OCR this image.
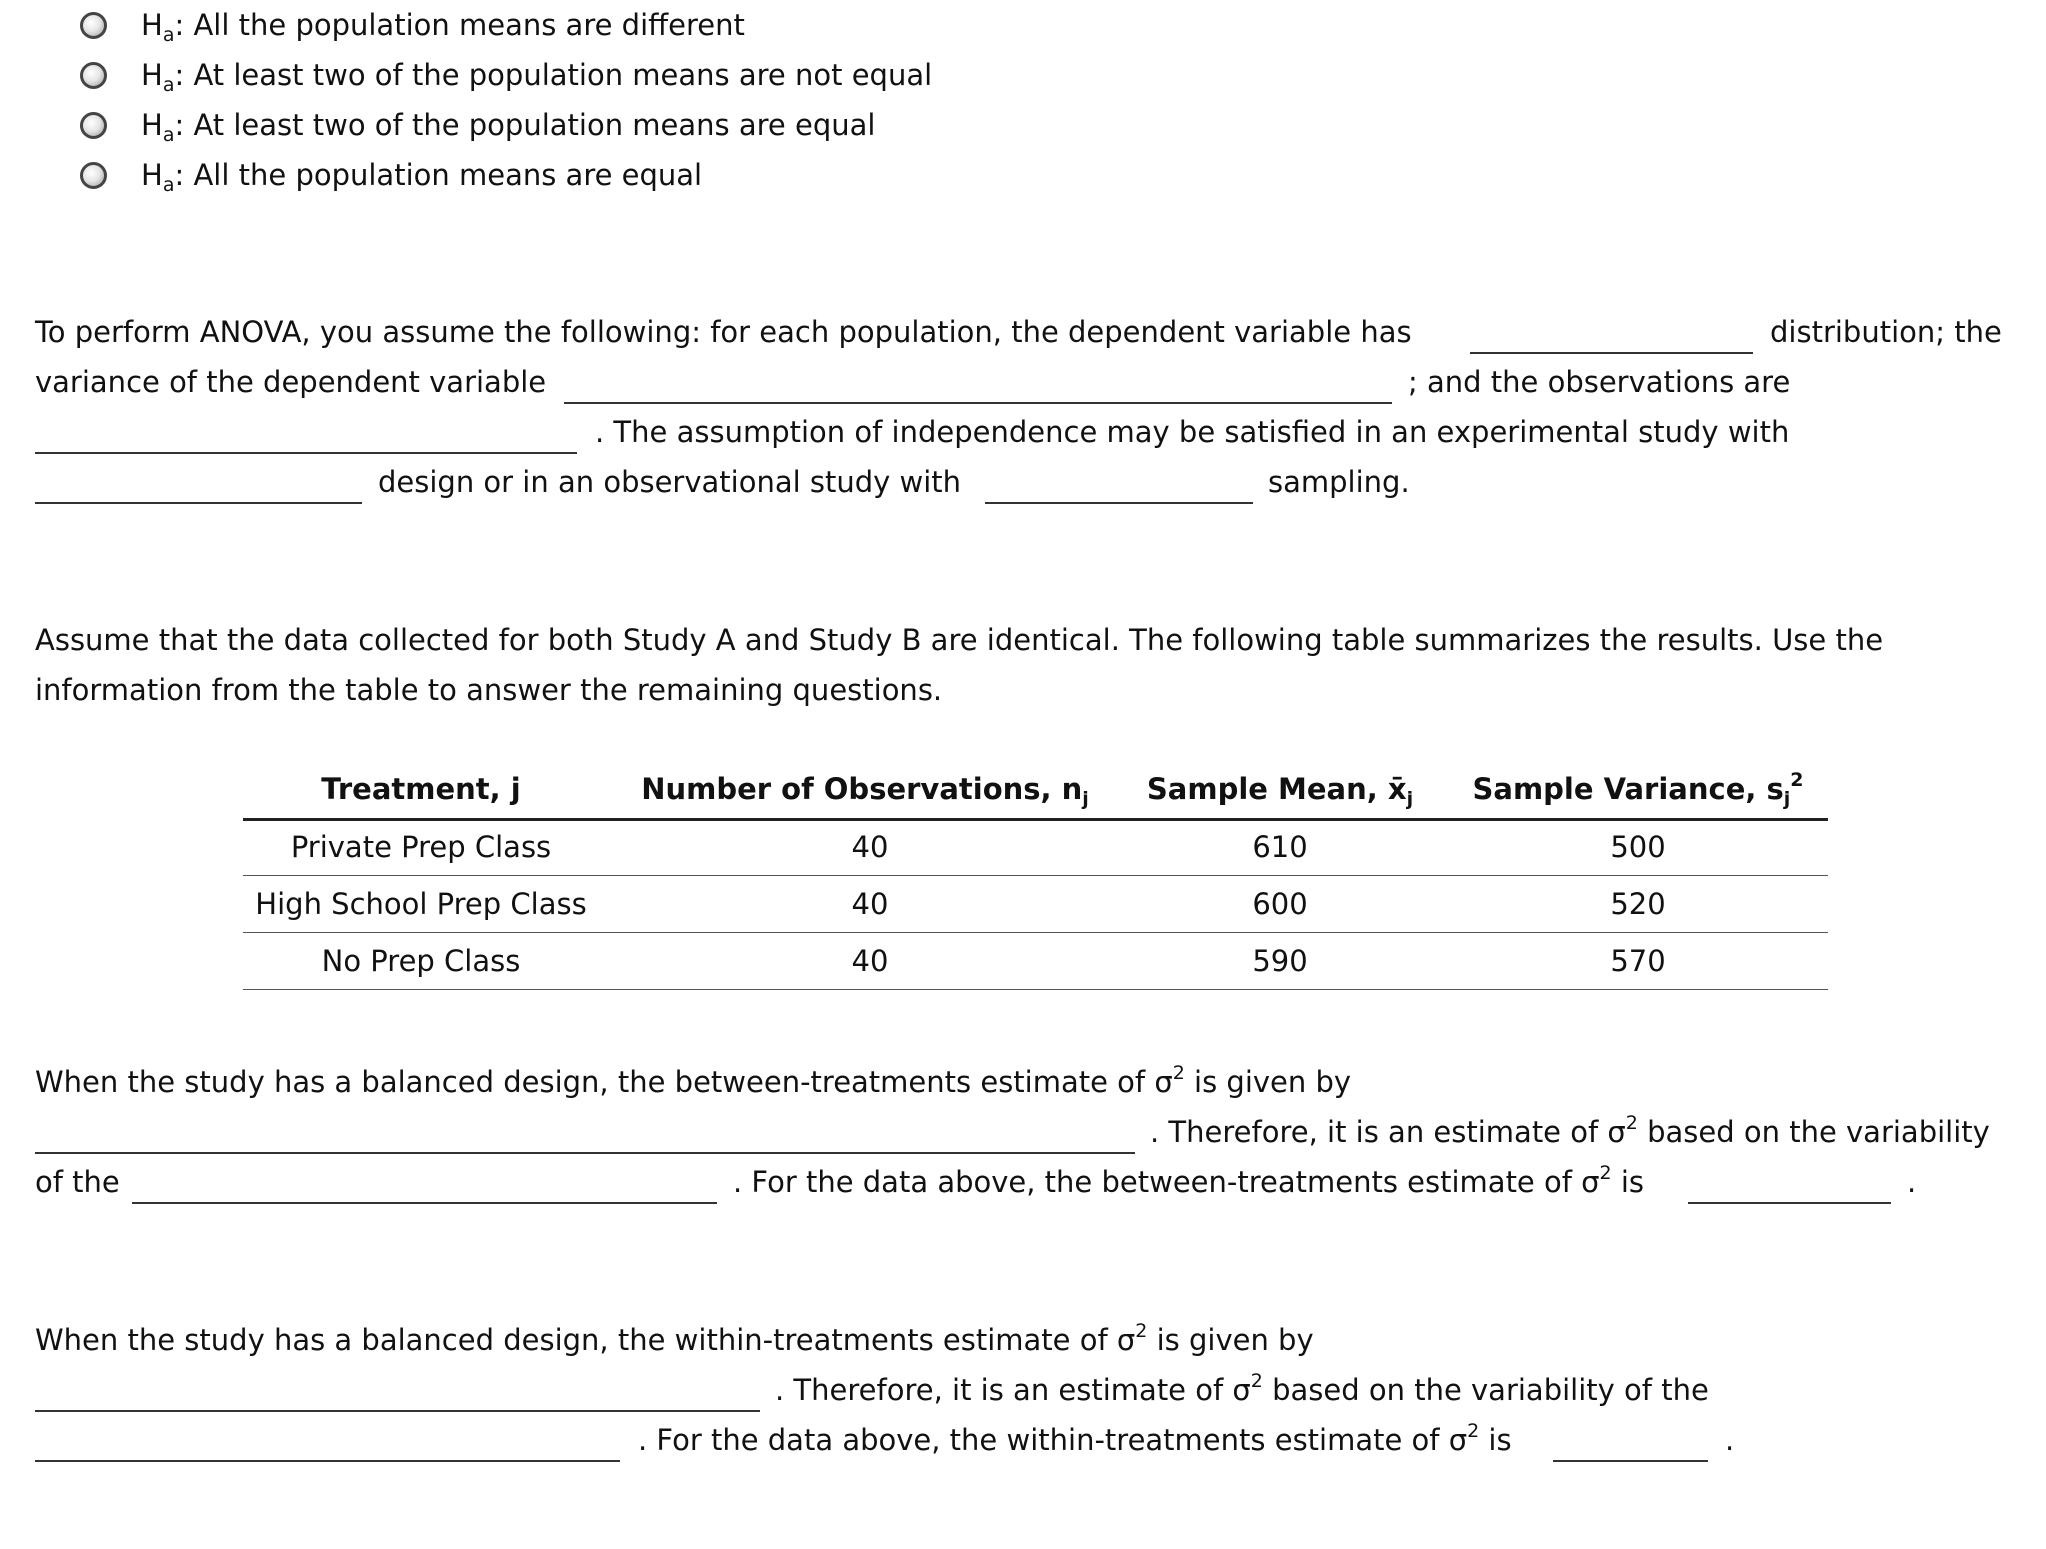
$H_a$: All the population means are different
$H_a$: At least two of the population means are not equal
$H_a$: At least two of the population means are equal
$H_a$: All the population means are equal
To perform ANOVA, you assume the following: for each population, the dependent variable has	distribution; the
variance of the dependent variable	; and the observations are
. The assumption of independence may be satisfied in an experimental study with
design or in an observational study with	sampling.
Assume that the data collected for both Study A and Study B are identical. The following table summarizes the results. Use the
information from the table to answer the remaining questions.
Treatment, j	Number of Observations, $n_j$	Sample Mean, $x̄_j$	Sample Variance, $s_j^2$
Private Prep Class	40	610	500
High School Prep Class	40	600	520
No Prep Class	40	590	570
When the study has a balanced design, the between-treatments estimate of $\sigma^2$ is given by
. Therefore, it is an estimate of $\sigma^2$ based on the variability
of the	. For the data above, the between-treatments estimate of $\sigma^2$ is	.
When the study has a balanced design, the within-treatments estimate of $\sigma^2$ is given by
. Therefore, it is an estimate of $\sigma^2$ based on the variability of the
. For the data above, the within-treatments estimate of $\sigma^2$ is	.
